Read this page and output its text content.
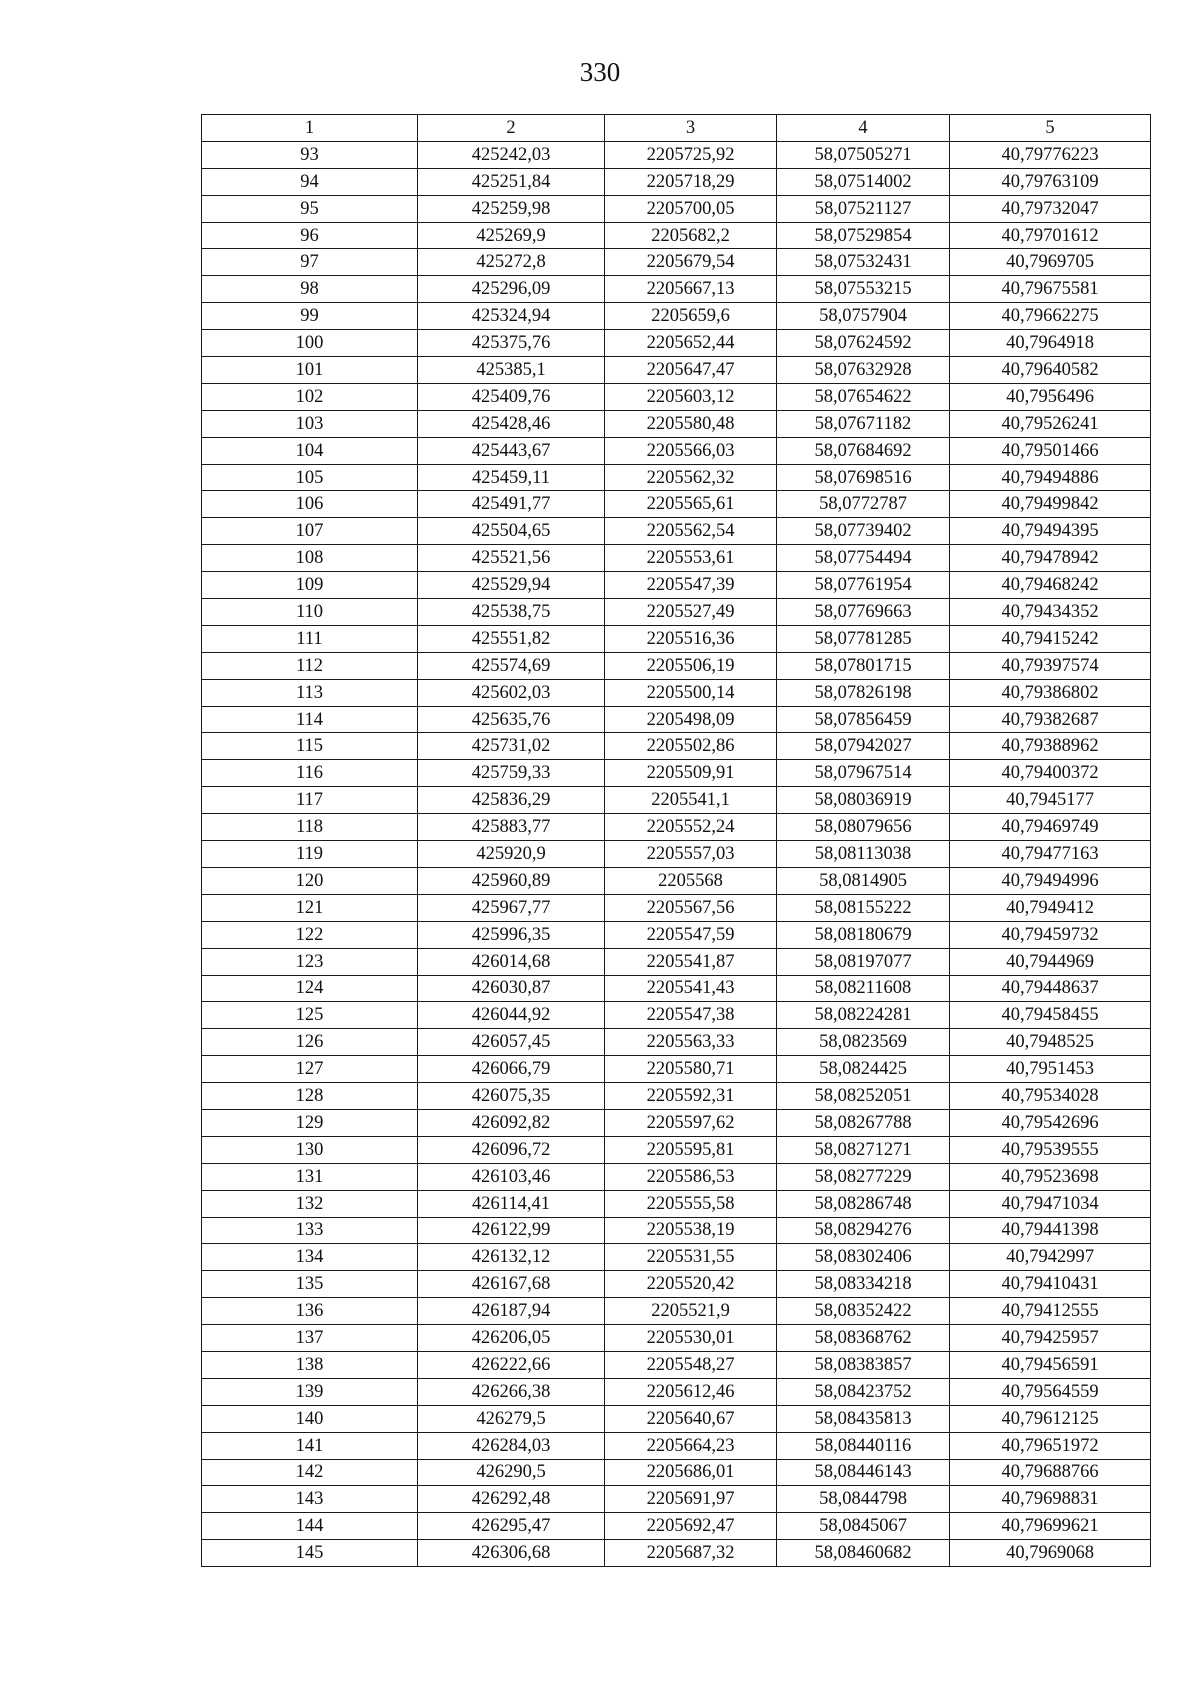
330
1	2	3	4	5
93	425242,03	2205725,92	58,07505271	40,79776223
94	425251,84	2205718,29	58,07514002	40,79763109
95	425259,98	2205700,05	58,07521127	40,79732047
96	425269,9	2205682,2	58,07529854	40,79701612
97	425272,8	2205679,54	58,07532431	40,7969705
98	425296,09	2205667,13	58,07553215	40,79675581
99	425324,94	2205659,6	58,0757904	40,79662275
100	425375,76	2205652,44	58,07624592	40,7964918
101	425385,1	2205647,47	58,07632928	40,79640582
102	425409,76	2205603,12	58,07654622	40,7956496
103	425428,46	2205580,48	58,07671182	40,79526241
104	425443,67	2205566,03	58,07684692	40,79501466
105	425459,11	2205562,32	58,07698516	40,79494886
106	425491,77	2205565,61	58,0772787	40,79499842
107	425504,65	2205562,54	58,07739402	40,79494395
108	425521,56	2205553,61	58,07754494	40,79478942
109	425529,94	2205547,39	58,07761954	40,79468242
110	425538,75	2205527,49	58,07769663	40,79434352
111	425551,82	2205516,36	58,07781285	40,79415242
112	425574,69	2205506,19	58,07801715	40,79397574
113	425602,03	2205500,14	58,07826198	40,79386802
114	425635,76	2205498,09	58,07856459	40,79382687
115	425731,02	2205502,86	58,07942027	40,79388962
116	425759,33	2205509,91	58,07967514	40,79400372
117	425836,29	2205541,1	58,08036919	40,7945177
118	425883,77	2205552,24	58,08079656	40,79469749
119	425920,9	2205557,03	58,08113038	40,79477163
120	425960,89	2205568	58,0814905	40,79494996
121	425967,77	2205567,56	58,08155222	40,7949412
122	425996,35	2205547,59	58,08180679	40,79459732
123	426014,68	2205541,87	58,08197077	40,7944969
124	426030,87	2205541,43	58,08211608	40,79448637
125	426044,92	2205547,38	58,08224281	40,79458455
126	426057,45	2205563,33	58,0823569	40,7948525
127	426066,79	2205580,71	58,0824425	40,7951453
128	426075,35	2205592,31	58,08252051	40,79534028
129	426092,82	2205597,62	58,08267788	40,79542696
130	426096,72	2205595,81	58,08271271	40,79539555
131	426103,46	2205586,53	58,08277229	40,79523698
132	426114,41	2205555,58	58,08286748	40,79471034
133	426122,99	2205538,19	58,08294276	40,79441398
134	426132,12	2205531,55	58,08302406	40,7942997
135	426167,68	2205520,42	58,08334218	40,79410431
136	426187,94	2205521,9	58,08352422	40,79412555
137	426206,05	2205530,01	58,08368762	40,79425957
138	426222,66	2205548,27	58,08383857	40,79456591
139	426266,38	2205612,46	58,08423752	40,79564559
140	426279,5	2205640,67	58,08435813	40,79612125
141	426284,03	2205664,23	58,08440116	40,79651972
142	426290,5	2205686,01	58,08446143	40,79688766
143	426292,48	2205691,97	58,0844798	40,79698831
144	426295,47	2205692,47	58,0845067	40,79699621
145	426306,68	2205687,32	58,08460682	40,7969068
